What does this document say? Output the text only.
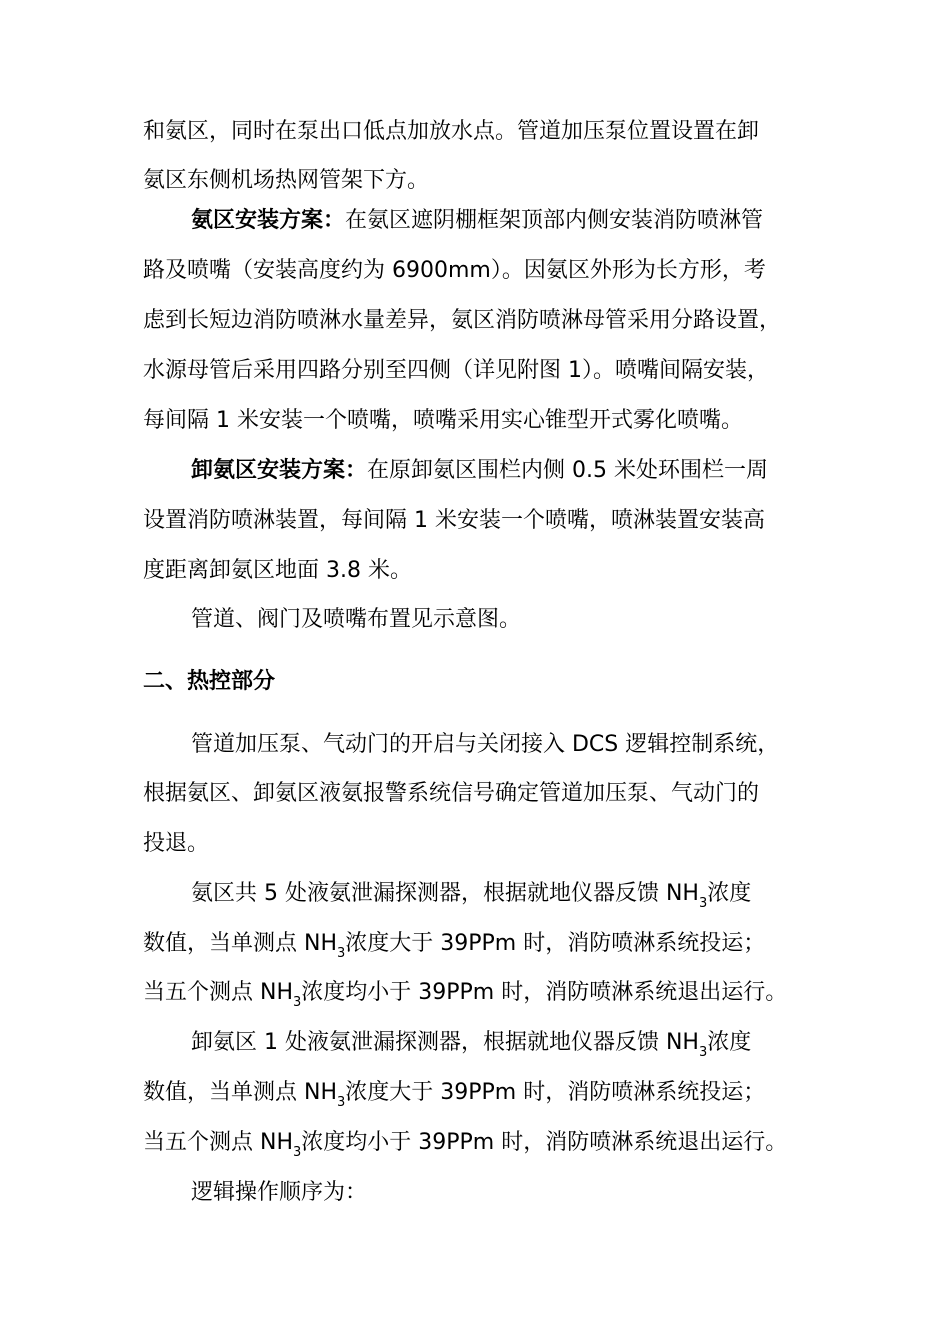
和氨区，同时在泵出口低点加放水点。管道加压泵位置设置在卸
氨区东侧机场热网管架下方。
氨区安装方案：在氨区遮阴棚框架顶部内侧安装消防喷淋管
路及喷嘴（安装高度约为 6900mm）。因氨区外形为长方形，考
虑到长短边消防喷淋水量差异，氨区消防喷淋母管采用分路设置，
水源母管后采用四路分别至四侧（详见附图 1）。喷嘴间隔安装，
每间隔 1 米安装一个喷嘴，喷嘴采用实心锥型开式雾化喷嘴。
卸氨区安装方案：在原卸氨区围栏内侧 0.5 米处环围栏一周
设置消防喷淋装置，每间隔 1 米安装一个喷嘴，喷淋装置安装高
度距离卸氨区地面 3.8 米。
管道、阀门及喷嘴布置见示意图。
二、热控部分
管道加压泵、气动门的开启与关闭接入 DCS 逻辑控制系统，
根据氨区、卸氨区液氨报警系统信号确定管道加压泵、气动门的
投退。
氨区共 5 处液氨泄漏探测器，根据就地仪器反馈 $NH_3$浓度
数值，当单测点 $NH_3$浓度大于 39PPm 时，消防喷淋系统投运；
当五个测点 $NH_3$浓度均小于 39PPm 时，消防喷淋系统退出运行。
卸氨区 1 处液氨泄漏探测器，根据就地仪器反馈 $NH_3$浓度
数值，当单测点 $NH_3$浓度大于 39PPm 时，消防喷淋系统投运；
当五个测点 $NH_3$浓度均小于 39PPm 时，消防喷淋系统退出运行。
逻辑操作顺序为：
